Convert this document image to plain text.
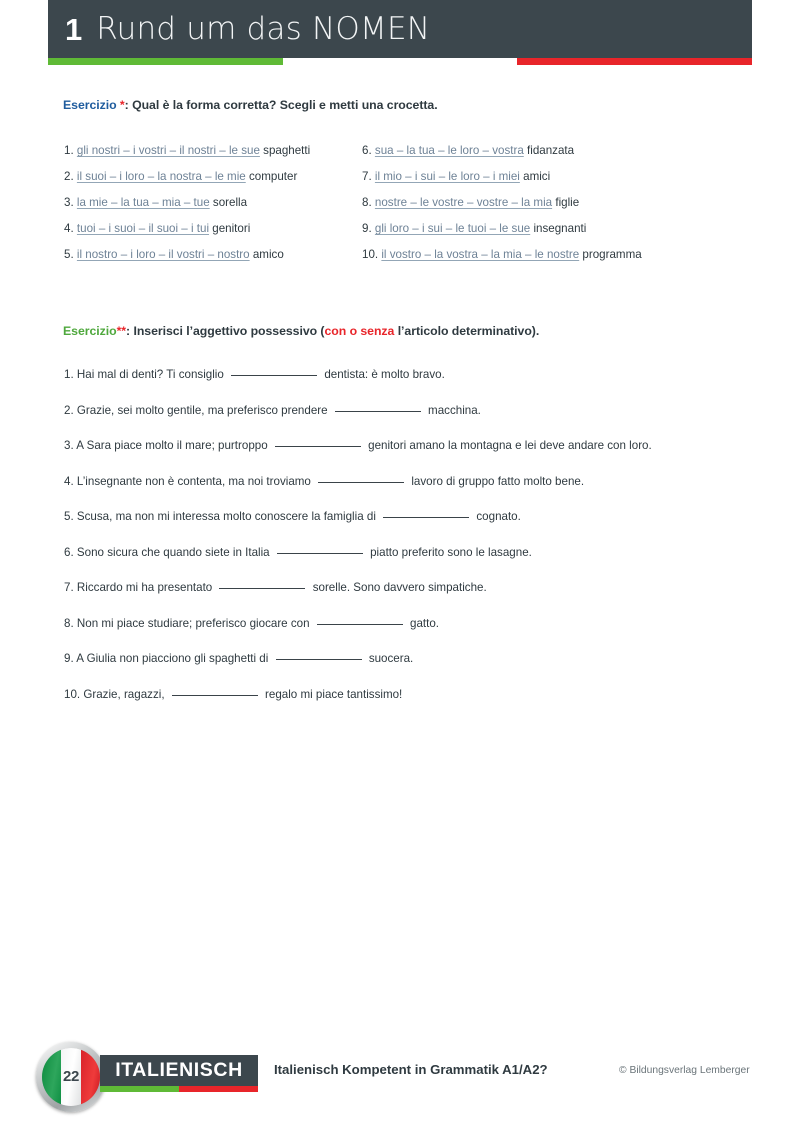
1 Rund um das NOMEN
Esercizio *: Qual è la forma corretta? Scegli e metti una crocetta.
1. gli nostri – i vostri – il nostri – le sue spaghetti
2. il suoi – i loro – la nostra – le mie computer
3. la mie – la tua – mia – tue sorella
4. tuoi – i suoi – il suoi – i tui genitori
5. il nostro – i loro – il vostri – nostro amico
6. sua – la tua – le loro – vostra fidanzata
7. il mio – i sui – le loro – i miei amici
8. nostre – le vostre – vostre – la mia figlie
9. gli loro – i sui – le tuoi – le sue insegnanti
10. il vostro – la vostra – la mia – le nostre programma
Esercizio**: Inserisci l’aggettivo possessivo (con o senza l’articolo determinativo).
1. Hai mal di denti? Ti consiglio	dentista: è molto bravo.
2. Grazie, sei molto gentile, ma preferisco prendere	macchina.
3. A Sara piace molto il mare; purtroppo	genitori amano la montagna e lei deve andare con loro.
4. L’insegnante non è contenta, ma noi troviamo	lavoro di gruppo fatto molto bene.
5. Scusa, ma non mi interessa molto conoscere la famiglia di	cognato.
6. Sono sicura che quando siete in Italia	piatto preferito sono le lasagne.
7. Riccardo mi ha presentato	sorelle. Sono davvero simpatiche.
8. Non mi piace studiare; preferisco giocare con	gatto.
9. A Giulia non piacciono gli spaghetti di	suocera.
10. Grazie, ragazzi,	regalo mi piace tantissimo!
22	ITALIENISCH Italienisch Kompetent in Grammatik A1/A2?	© Bildungsverlag Lemberger
